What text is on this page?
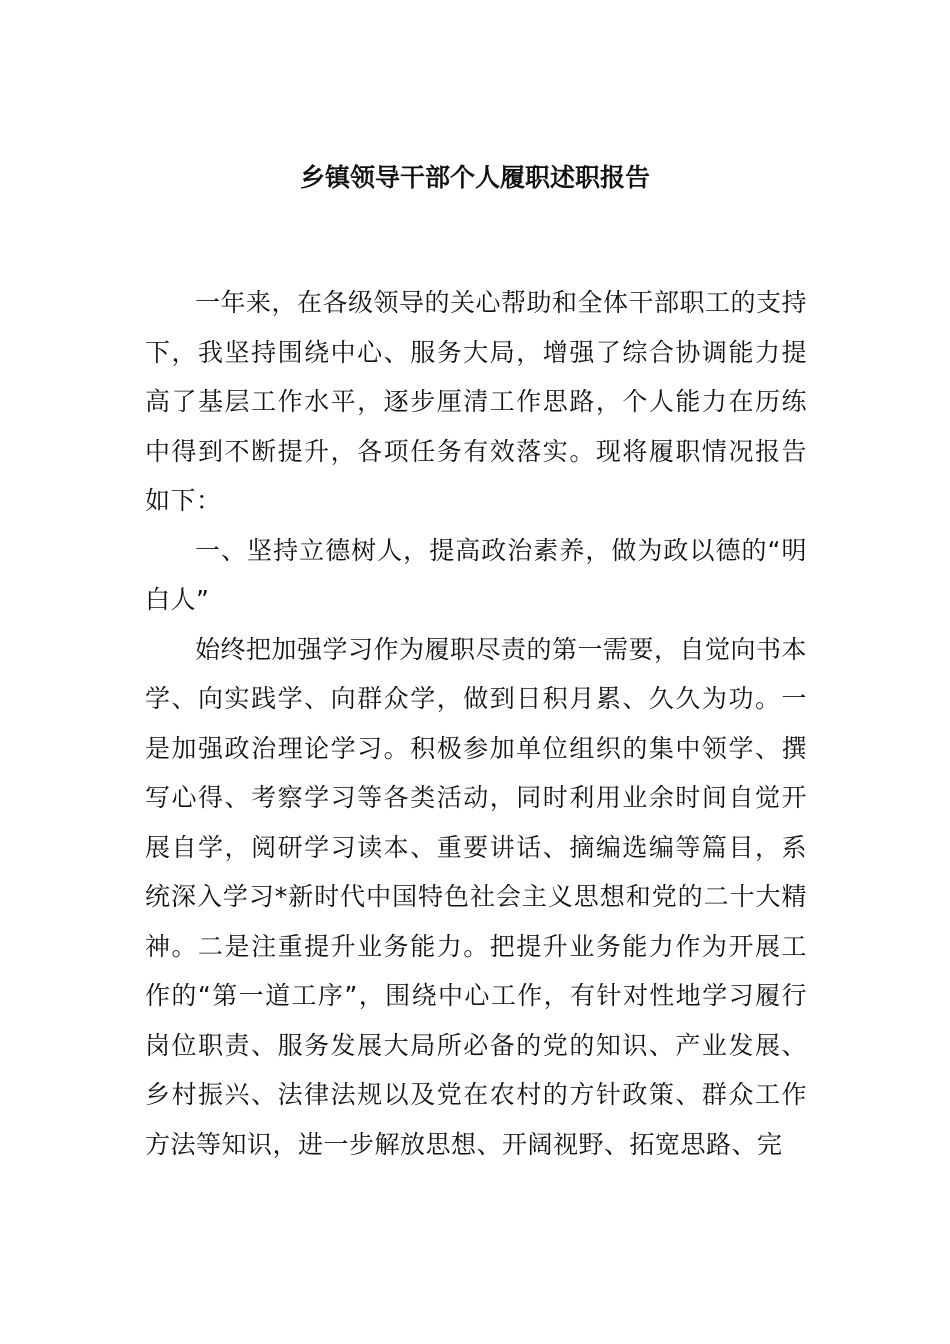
乡镇领导干部个人履职述职报告

一年来，在各级领导的关心帮助和全体干部职工的支持下，我坚持围绕中心、服务大局，增强了综合协调能力提高了基层工作水平，逐步厘清工作思路，个人能力在历练中得到不断提升，各项任务有效落实。现将履职情况报告如下：

一、坚持立德树人，提高政治素养，做为政以德的“明白人”

始终把加强学习作为履职尽责的第一需要，自觉向书本学、向实践学、向群众学，做到日积月累、久久为功。一是加强政治理论学习。积极参加单位组织的集中领学、撰写心得、考察学习等各类活动，同时利用业余时间自觉开展自学，阅研学习读本、重要讲话、摘编选编等篇目，系统深入学习*新时代中国特色社会主义思想和党的二十大精神。二是注重提升业务能力。把提升业务能力作为开展工作的“第一道工序”，围绕中心工作，有针对性地学习履行岗位职责、服务发展大局所必备的党的知识、产业发展、乡村振兴、法律法规以及党在农村的方针政策、群众工作方法等知识，进一步解放思想、开阔视野、拓宽思路、完
